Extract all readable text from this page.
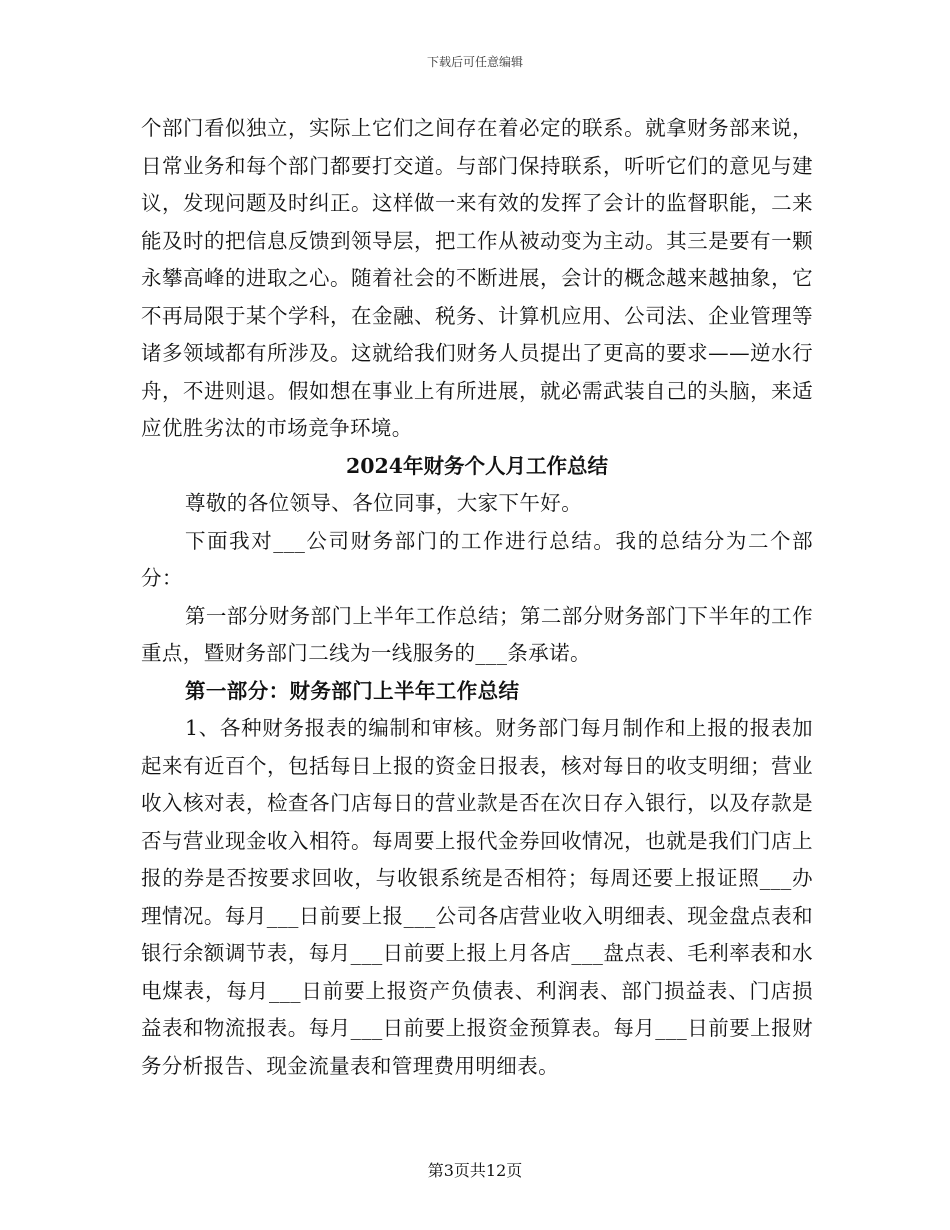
下载后可任意编辑

个部门看似独立，实际上它们之间存在着必定的联系。就拿财务部来说，日常业务和每个部门都要打交道。与部门保持联系，听听它们的意见与建议，发现问题及时纠正。这样做一来有效的发挥了会计的监督职能，二来能及时的把信息反馈到领导层，把工作从被动变为主动。其三是要有一颗永攀高峰的进取之心。随着社会的不断进展，会计的概念越来越抽象，它不再局限于某个学科，在金融、税务、计算机应用、公司法、企业管理等诸多领域都有所涉及。这就给我们财务人员提出了更高的要求——逆水行舟，不进则退。假如想在事业上有所进展，就必需武装自己的头脑，来适应优胜劣汰的市场竞争环境。

2024年财务个人月工作总结

尊敬的各位领导、各位同事，大家下午好。

下面我对___公司财务部门的工作进行总结。我的总结分为二个部分：

第一部分财务部门上半年工作总结；第二部分财务部门下半年的工作重点，暨财务部门二线为一线服务的___条承诺。

第一部分：财务部门上半年工作总结

1、各种财务报表的编制和审核。财务部门每月制作和上报的报表加起来有近百个，包括每日上报的资金日报表，核对每日的收支明细；营业收入核对表，检查各门店每日的营业款是否在次日存入银行，以及存款是否与营业现金收入相符。每周要上报代金券回收情况，也就是我们门店上报的券是否按要求回收，与收银系统是否相符；每周还要上报证照___办理情况。每月___日前要上报___公司各店营业收入明细表、现金盘点表和银行余额调节表，每月___日前要上报上月各店___盘点表、毛利率表和水电煤表，每月___日前要上报资产负债表、利润表、部门损益表、门店损益表和物流报表。每月___日前要上报资金预算表。每月___日前要上报财务分析报告、现金流量表和管理费用明细表。

第3页共12页
